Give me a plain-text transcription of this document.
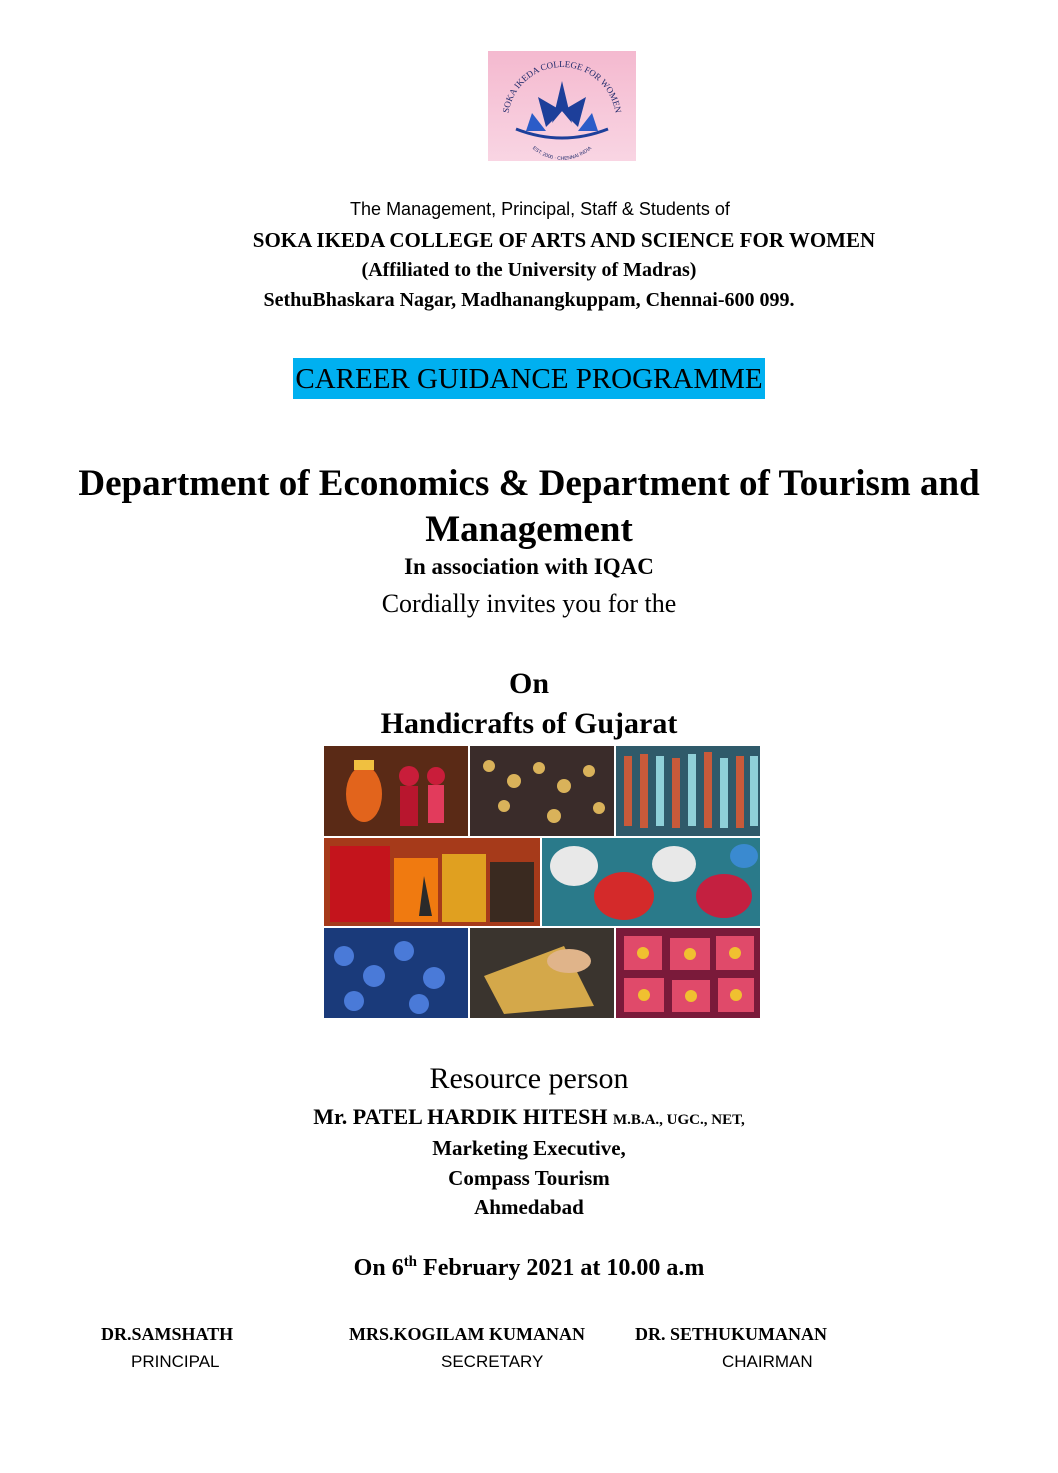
SOKA IKEDA COLLEGE FOR WOMEN
EST. 2000 · CHENNAI INDIA
The Management, Principal, Staff & Students of
SOKA IKEDA COLLEGE OF ARTS AND SCIENCE FOR WOMEN
(Affiliated to the University of Madras)
SethuBhaskara Nagar, Madhanangkuppam, Chennai-600 099.
CAREER GUIDANCE PROGRAMME
Department of Economics & Department of Tourism and
Management
In association with IQAC
Cordially invites you for the
On
Handicrafts of Gujarat
Resource person
Mr. PATEL HARDIK HITESH M.B.A., UGC., NET,
Marketing Executive,
Compass Tourism
Ahmedabad
On 6th February 2021 at 10.00 a.m
DR.SAMSHATH
PRINCIPAL
MRS.KOGILAM KUMANAN
SECRETARY
DR. SETHUKUMANAN
CHAIRMAN
